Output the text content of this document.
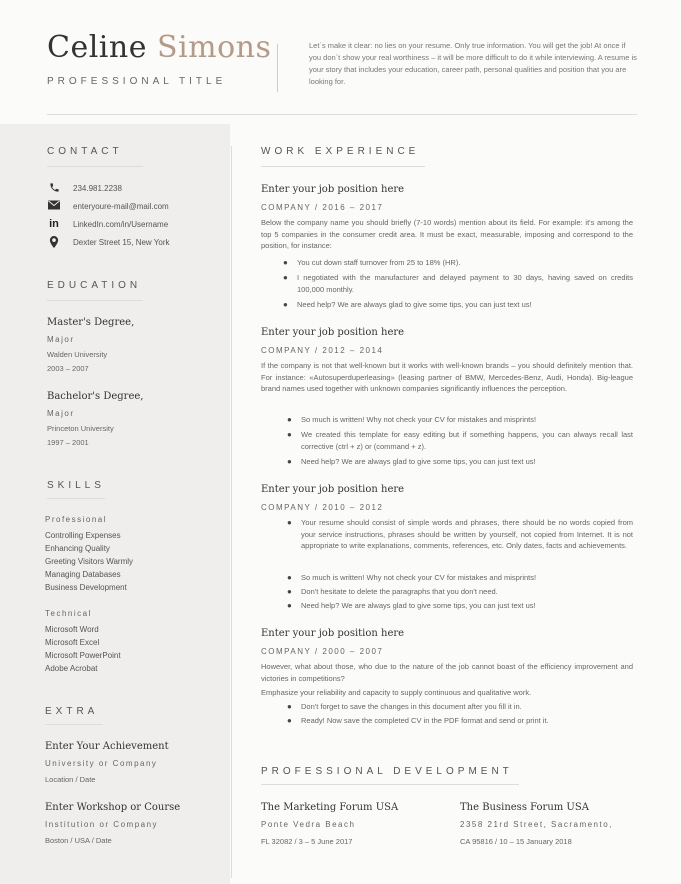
Celine Simons
PROFESSIONAL TITLE
Let´s make it clear: no lies on your resume. Only true information. You will get the job! At once if you don´t show your real worthiness – it will be more difficult to do it while interviewing. A resume is your story that includes your education, career path, personal qualities and position that you are looking for.
CONTACT
234.981.2238
enteryoure-mail@mail.com
in LinkedIn.com/in/Username
Dexter Street 15, New York
EDUCATION
Master's Degree,
Major
Walden University
2003 – 2007
Bachelor's Degree,
Major
Princeton University
1997 – 2001
SKILLS
Professional
Controlling Expenses
Enhancing Quality
Greeting Visitors Warmly
Managing Databases
Business Development
Technical
Microsoft Word
Microsoft Excel
Microsoft PowerPoint
Adobe Acrobat
EXTRA
Enter Your Achievement
University or Company
Location / Date
Enter Workshop or Course
Institution or Company
Boston / USA / Date
WORK EXPERIENCE
Enter your job position here
COMPANY / 2016 – 2017
Below the company name you should briefly (7-10 words) mention about its field. For example: it's among the top 5 companies in the consumer credit area. It must be exact, measurable, imposing and correspond to the position, for instance:
● You cut down staff turnover from 25 to 18% (HR).
● I negotiated with the manufacturer and delayed payment to 30 days, having saved on credits 100,000 monthly.
● Need help? We are always glad to give some tips, you can just text us!
Enter your job position here
COMPANY / 2012 – 2014
If the company is not that well-known but it works with well-known brands – you should definitely mention that. For instance: «Autosuperduperleasing» (leasing partner of BMW, Mercedes-Benz, Audi, Honda). Big-league brand names used together with unknown companies significantly influences the perception.
● So much is written! Why not check your CV for mistakes and misprints!
● We created this template for easy editing but if something happens, you can always recall last corrective (ctrl + z) or (command + z).
● Need help? We are always glad to give some tips, you can just text us!
Enter your job position here
COMPANY / 2010 – 2012
● Your resume should consist of simple words and phrases, there should be no words copied from your service instructions, phrases should be written by yourself, not copied from Internet. It is not appropriate to write explanations, comments, references, etc. Only dates, facts and achievements.
● So much is written! Why not check your CV for mistakes and misprints!
● Don't hesitate to delete the paragraphs that you don't need.
● Need help? We are always glad to give some tips, you can just text us!
Enter your job position here
COMPANY / 2000 – 2007
However, what about those, who due to the nature of the job cannot boast of the efficiency improvement and victories in competitions?
Emphasize your reliability and capacity to supply continuous and qualitative work.
● Don't forget to save the changes in this document after you fill it in.
● Ready! Now save the completed CV in the PDF format and send or print it.
PROFESSIONAL DEVELOPMENT
The Marketing Forum USA
Ponte Vedra Beach
FL 32082 / 3 – 5 June 2017
The Business Forum USA
2358 21rd Street, Sacramento,
CA 95816 / 10 – 15 January 2018
